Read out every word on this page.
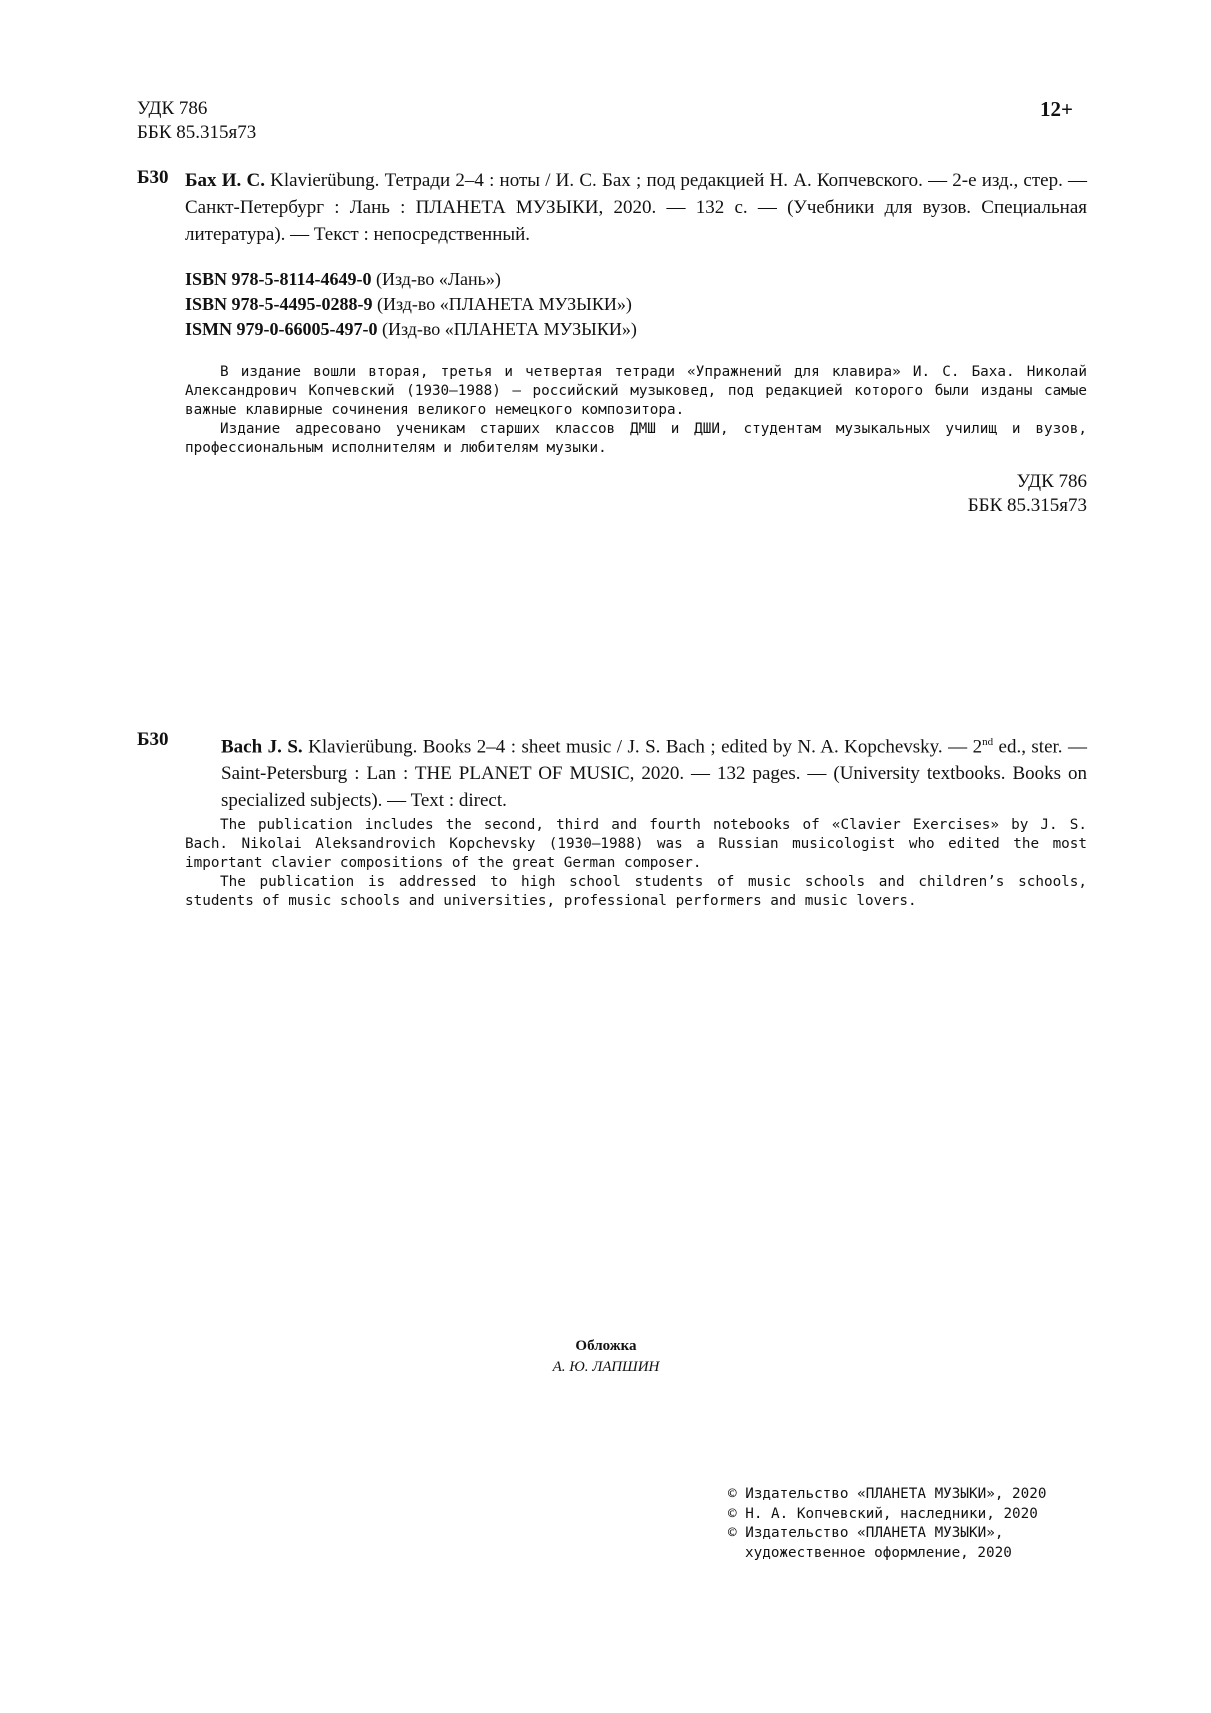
УДК 786
ББК 85.315я73
12+
Б30 Бах И. С. Klavierübung. Тетради 2–4 : ноты / И. С. Бах ; под редакцией Н. А. Копчевского. — 2-е изд., стер. — Санкт-Петербург : Лань : ПЛАНЕТА МУЗЫКИ, 2020. — 132 с. — (Учебники для вузов. Специальная литература). — Текст : непосредственный.
ISBN 978-5-8114-4649-0 (Изд-во «Лань»)
ISBN 978-5-4495-0288-9 (Изд-во «ПЛАНЕТА МУЗЫКИ»)
ISMN 979-0-66005-497-0 (Изд-во «ПЛАНЕТА МУЗЫКИ»)

В издание вошли вторая, третья и четвертая тетради «Упражнений для клавира» И. С. Баха. Николай Александрович Копчевский (1930–1988) — российский музыковед, под редакцией которого были изданы самые важные клавирные сочинения великого немецкого композитора.

Издание адресовано ученикам старших классов ДМШ и ДШИ, студентам музыкальных училищ и вузов, профессиональным исполнителям и любителям музыки.

УДК 786
ББК 85.315я73
Б30	Bach J. S. Klavierübung. Books 2–4 : sheet music / J. S. Bach ; edited by N. A. Kopchevsky. — 2nd ed., ster. — Saint-Petersburg : Lan : THE PLANET OF MUSIC, 2020. — 132 pages. — (University textbooks. Books on specialized subjects). — Text : direct.

The publication includes the second, third and fourth notebooks of «Clavier Exercises» by J. S. Bach. Nikolai Aleksandrovich Kopchevsky (1930–1988) was a Russian musicologist who edited the most important clavier compositions of the great German composer.

The publication is addressed to high school students of music schools and children’s schools, students of music schools and universities, professional performers and music lovers.

Обложка
А. Ю. ЛАПШИН
© Издательство «ПЛАНЕТА МУЗЫКИ», 2020
© Н. А. Копчевский, наследники, 2020
© Издательство «ПЛАНЕТА МУЗЫКИ»,
художественное оформление, 2020
